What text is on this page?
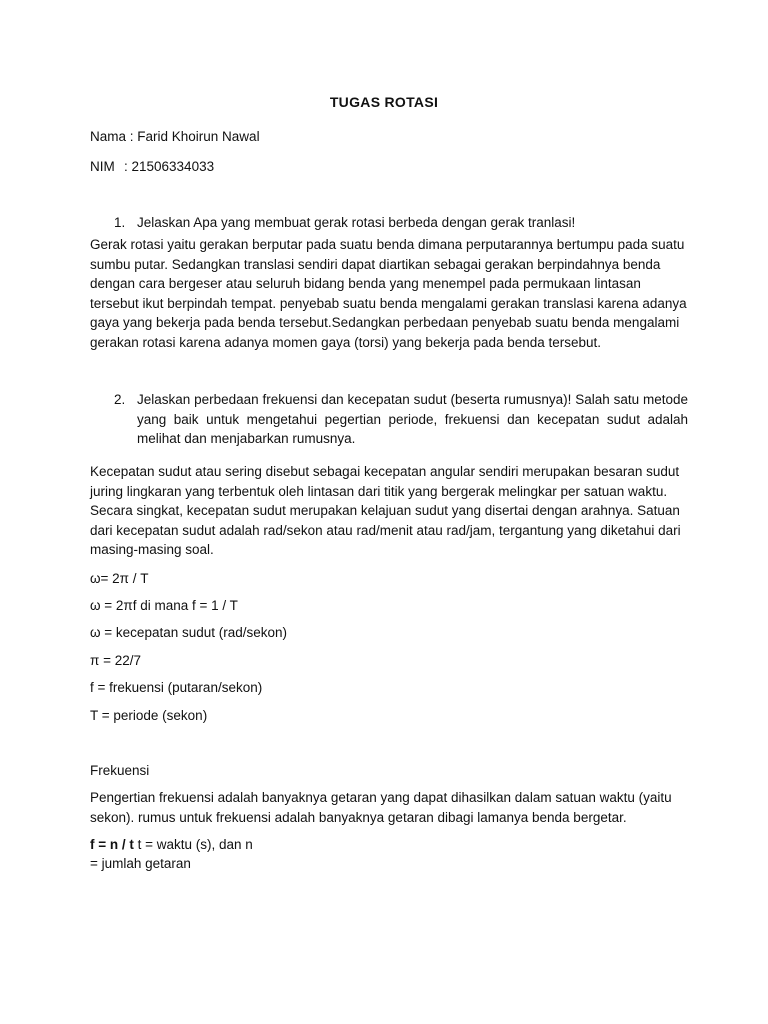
TUGAS ROTASI
Nama : Farid Khoirun Nawal
NIM : 21506334033
1. Jelaskan Apa yang membuat gerak rotasi berbeda dengan gerak tranlasi!
Gerak rotasi yaitu gerakan berputar pada suatu benda dimana perputarannya bertumpu pada suatu sumbu putar. Sedangkan translasi sendiri dapat diartikan sebagai gerakan berpindahnya benda dengan cara bergeser atau seluruh bidang benda yang menempel pada permukaan lintasan tersebut ikut berpindah tempat. penyebab suatu benda mengalami gerakan translasi karena adanya gaya yang bekerja pada benda tersebut.Sedangkan perbedaan penyebab suatu benda mengalami gerakan rotasi karena adanya momen gaya (torsi) yang bekerja pada benda tersebut.
2. Jelaskan perbedaan frekuensi dan kecepatan sudut (beserta rumusnya)! Salah satu metode yang baik untuk mengetahui pegertian periode, frekuensi dan kecepatan sudut adalah melihat dan menjabarkan rumusnya.
Kecepatan sudut atau sering disebut sebagai kecepatan angular sendiri merupakan besaran sudut juring lingkaran yang terbentuk oleh lintasan dari titik yang bergerak melingkar per satuan waktu. Secara singkat, kecepatan sudut merupakan kelajuan sudut yang disertai dengan arahnya. Satuan dari kecepatan sudut adalah rad/sekon atau rad/menit atau rad/jam, tergantung yang diketahui dari masing-masing soal.
ω= 2π / T
ω = 2πf di mana f = 1 / T
ω = kecepatan sudut (rad/sekon)
π = 22/7
f = frekuensi (putaran/sekon)
T = periode (sekon)
Frekuensi
Pengertian frekuensi adalah banyaknya getaran yang dapat dihasilkan dalam satuan waktu (yaitu sekon). rumus untuk frekuensi adalah banyaknya getaran dibagi lamanya benda bergetar.
f = n / t t = waktu (s), dan n
= jumlah getaran
